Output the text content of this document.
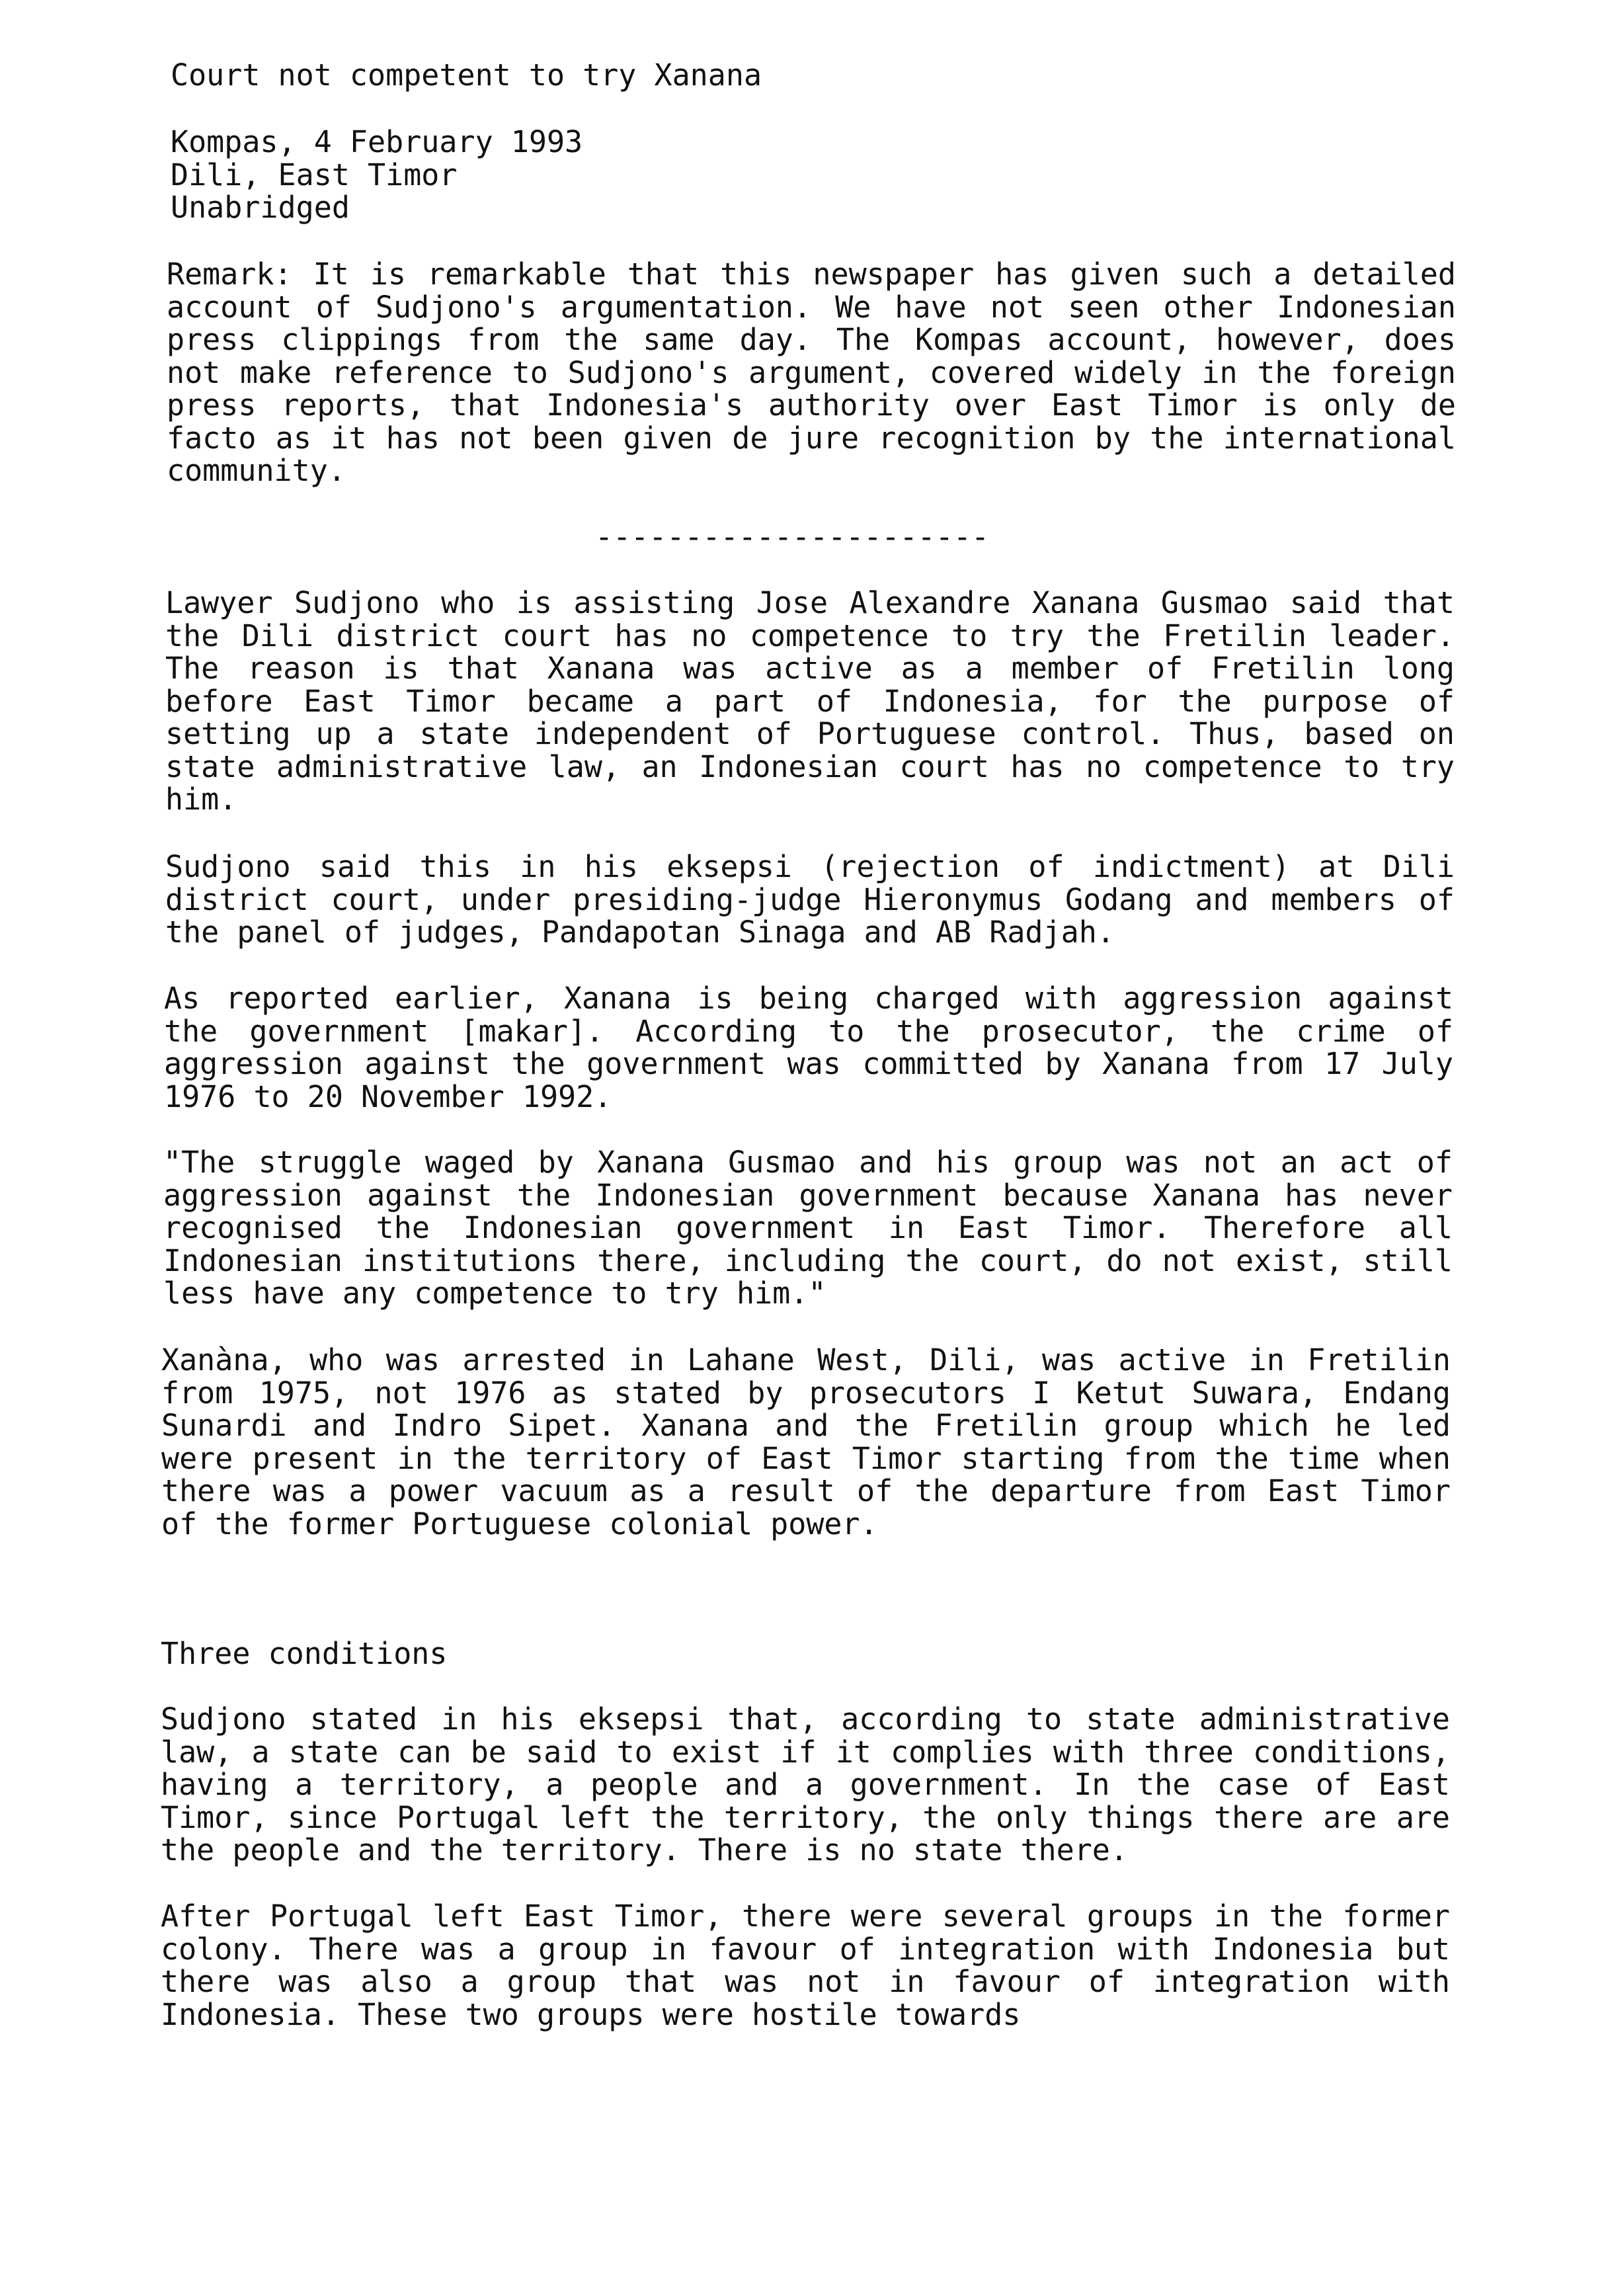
Court not competent to try Xanana

Kompas, 4 February 1993
Dili, East Timor
Unabridged

Remark: It is remarkable that this newspaper has given such a detailed account of Sudjono's argumentation. We have not seen other Indonesian press clippings from the same day. The Kompas account, however, does not make reference to Sudjono's argument, covered widely in the foreign press reports, that Indonesia's authority over East Timor is only de facto as it has not been given de jure recognition by the international community.

----------------------

Lawyer Sudjono who is assisting Jose Alexandre Xanana Gusmao said that the Dili district court has no competence to try the Fretilin leader. The reason is that Xanana was active as a member of Fretilin long before East Timor became a part of Indonesia, for the purpose of setting up a state independent of Portuguese control. Thus, based on state administrative law, an Indonesian court has no competence to try him.

Sudjono said this in his eksepsi (rejection of indictment) at Dili district court, under presiding-judge Hieronymus Godang and members of the panel of judges, Pandapotan Sinaga and AB Radjah.

As reported earlier, Xanana is being charged with aggression against the government [makar]. According to the prosecutor, the crime of aggression against the government was committed by Xanana from 17 July 1976 to 20 November 1992.

"The struggle waged by Xanana Gusmao and his group was not an act of aggression against the Indonesian government because Xanana has never recognised the Indonesian government in East Timor. Therefore all Indonesian institutions there, including the court, do not exist, still less have any competence to try him."

Xanàna, who was arrested in Lahane West, Dili, was active in Fretilin from 1975, not 1976 as stated by prosecutors I Ketut Suwara, Endang Sunardi and Indro Sipet. Xanana and the Fretilin group which he led were present in the territory of East Timor starting from the time when there was a power vacuum as a result of the departure from East Timor of the former Portuguese colonial power.

Three conditions

Sudjono stated in his eksepsi that, according to state administrative law, a state can be said to exist if it complies with three conditions, having a territory, a people and a government. In the case of East Timor, since Portugal left the territory, the only things there are are the people and the territory. There is no state there.

After Portugal left East Timor, there were several groups in the former colony. There was a group in favour of integration with Indonesia but there was also a group that was not in favour of integration with Indonesia. These two groups were hostile towards
